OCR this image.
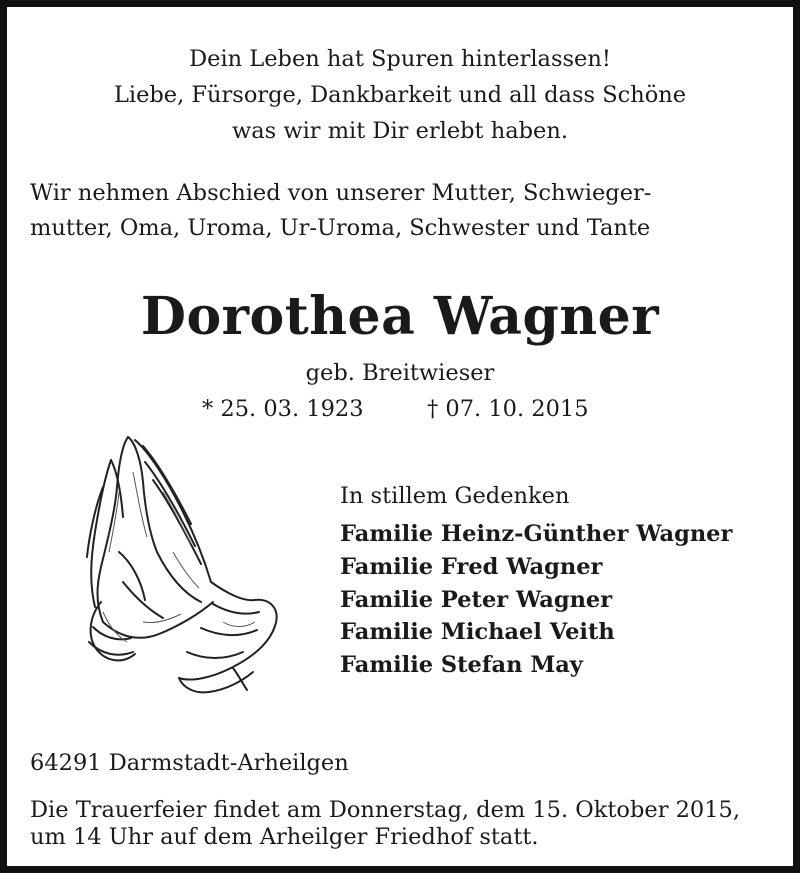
Dein Leben hat Spuren hinterlassen!
Liebe, Fürsorge, Dankbarkeit und all dass Schöne
was wir mit Dir erlebt haben.
Wir nehmen Abschied von unserer Mutter, Schwieger-
mutter, Oma, Uroma, Ur-Uroma, Schwester und Tante
Dorothea Wagner
geb. Breitwieser
* 25. 03. 1923	† 07. 10. 2015
In stillem Gedenken
Familie Heinz-Günther Wagner
Familie Fred Wagner
Familie Peter Wagner
Familie Michael Veith
Familie Stefan May
64291 Darmstadt-Arheilgen
Die Trauerfeier findet am Donnerstag, dem 15. Oktober 2015,
um 14 Uhr auf dem Arheilger Friedhof statt.
